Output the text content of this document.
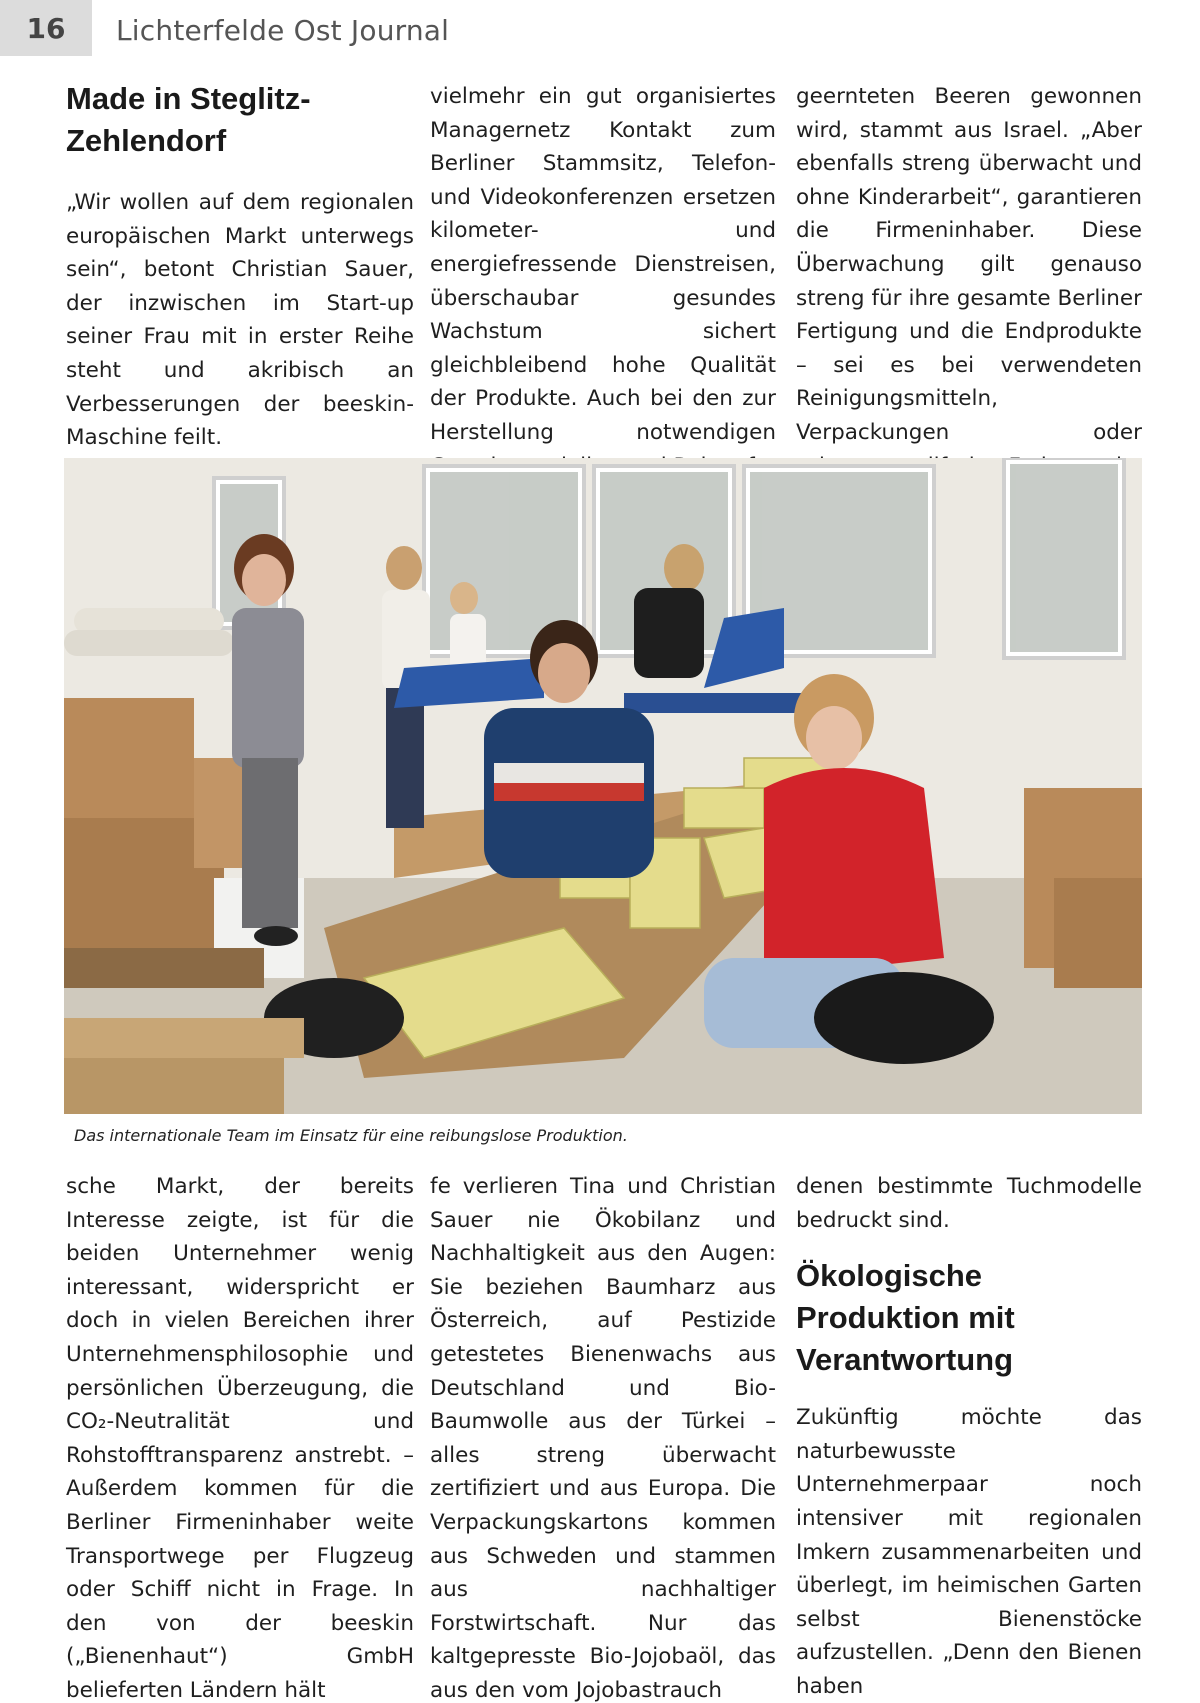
16	Lichterfelde Ost Journal
Made in Steglitz-Zehlendorf

„Wir wollen auf dem regionalen europäischen Markt unterwegs sein“, betont Christian Sauer, der inzwischen im Start-up seiner Frau mit in erster Reihe steht und akribisch an Verbesserungen der beeskin-Maschine feilt.

vielmehr ein gut organisiertes Managernetz Kontakt zum Berliner Stammsitz, Telefon- und Videokonferenzen ersetzen kilometer- und energiefressende Dienstreisen, überschaubar gesundes Wachstum sichert gleichbleibend hohe Qualität der Produkte. Auch bei den zur Herstellung notwendigen

geernteten Beeren gewonnen wird, stammt aus Israel. „Aber ebenfalls streng überwacht und ohne Kinderarbeit“, garantieren die Firmeninhaber. Diese Überwachung gilt genauso streng für ihre gesamte Berliner Fertigung und die Endprodukte – sei es bei verwendeten Reinigungsmitteln, Verpackungen oder

Das internationale Team im Einsatz für eine reibungslose Produktion.

sche Markt, der bereits Interesse zeigte, ist für die beiden Unternehmer wenig interessant, widerspricht er doch in vielen Bereichen ihrer Unternehmensphilosophie und persönlichen Überzeugung, die CO₂-Neutralität und Rohstofftransparenz anstrebt. – Außerdem kommen für die Berliner Firmeninhaber weite Transportwege per Flugzeug oder Schiff nicht in Frage. In den von der beeskin („Bienenhaut“) GmbH belieferten Ländern hält

fe verlieren Tina und Christian Sauer nie Ökobilanz und Nachhaltigkeit aus den Augen: Sie beziehen Baumharz aus Österreich, auf Pestizide getestetes Bienenwachs aus Deutschland und Bio-Baumwolle aus der Türkei – alles streng überwacht zertifiziert und aus Europa. Die Verpackungskartons kommen aus Schweden und stammen aus nachhaltiger Forstwirtschaft. Nur das kaltgepresste Bio-Jojobaöl, das aus den vom Jojobastrauch

denen bestimmte Tuchmodelle bedruckt sind.

Ökologische Produktion mit Verantwortung

Zukünftig möchte das naturbewusste Unternehmerpaar noch intensiver mit regionalen Imkern zusammenarbeiten und überlegt, im heimischen Garten selbst Bienenstöcke aufzustellen. „Denn den Bienen haben
